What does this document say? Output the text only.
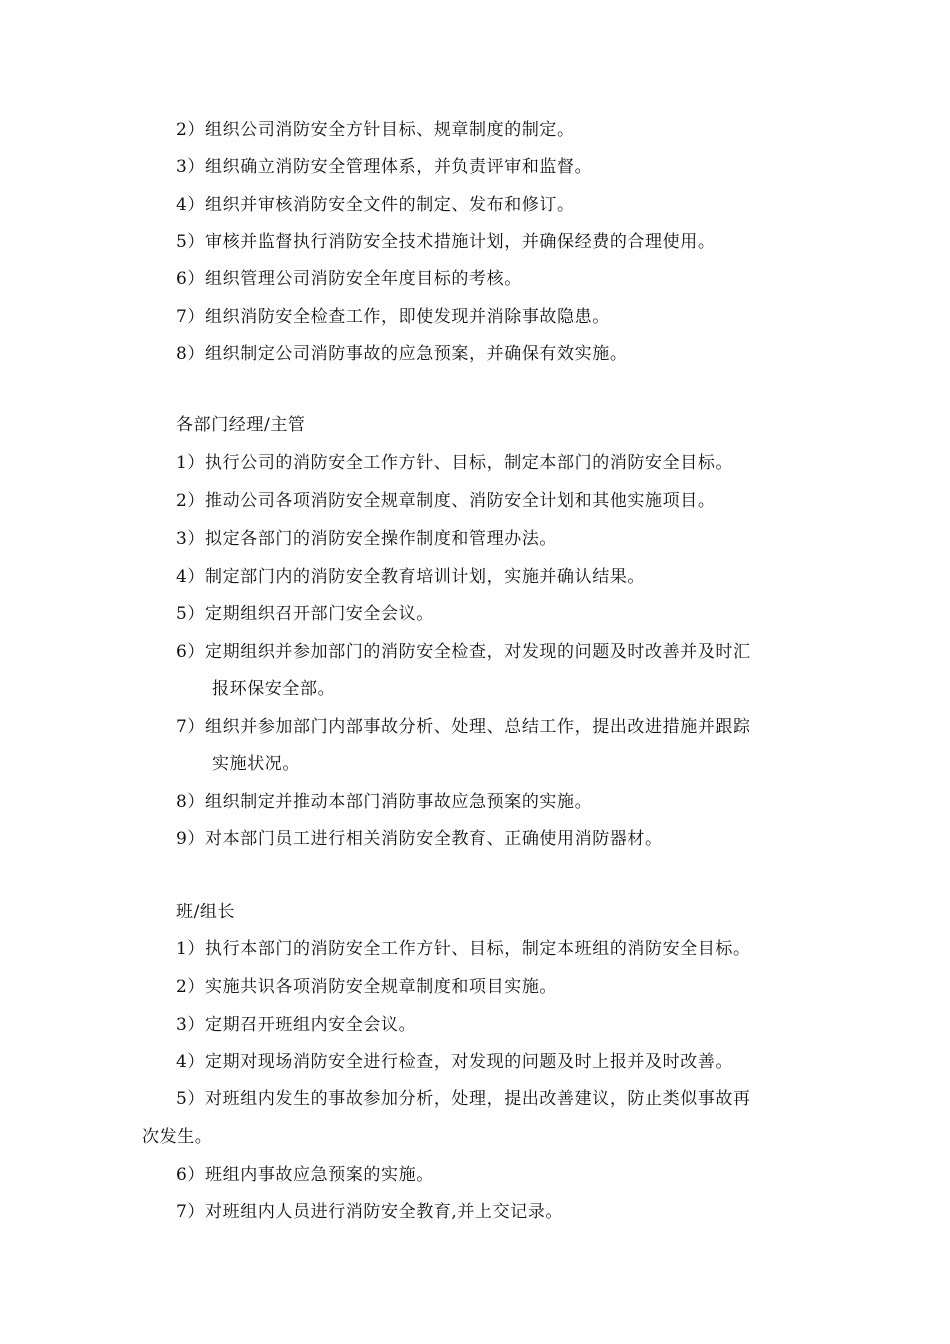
2）组织公司消防安全方针目标、规章制度的制定。
3）组织确立消防安全管理体系，并负责评审和监督。
4）组织并审核消防安全文件的制定、发布和修订。
5）审核并监督执行消防安全技术措施计划，并确保经费的合理使用。
6）组织管理公司消防安全年度目标的考核。
7）组织消防安全检查工作，即使发现并消除事故隐患。
8）组织制定公司消防事故的应急预案，并确保有效实施。
各部门经理/主管
1）执行公司的消防安全工作方针、目标，制定本部门的消防安全目标。
2）推动公司各项消防安全规章制度、消防安全计划和其他实施项目。
3）拟定各部门的消防安全操作制度和管理办法。
4）制定部门内的消防安全教育培训计划，实施并确认结果。
5）定期组织召开部门安全会议。
6）定期组织并参加部门的消防安全检查，对发现的问题及时改善并及时汇
报环保安全部。
7）组织并参加部门内部事故分析、处理、总结工作，提出改进措施并跟踪
实施状况。
8）组织制定并推动本部门消防事故应急预案的实施。
9）对本部门员工进行相关消防安全教育、正确使用消防器材。
班/组长
1）执行本部门的消防安全工作方针、目标，制定本班组的消防安全目标。
2）实施共识各项消防安全规章制度和项目实施。
3）定期召开班组内安全会议。
4）定期对现场消防安全进行检查，对发现的问题及时上报并及时改善。
5）对班组内发生的事故参加分析，处理，提出改善建议，防止类似事故再
次发生。
6）班组内事故应急预案的实施。
7）对班组内人员进行消防安全教育,并上交记录。
